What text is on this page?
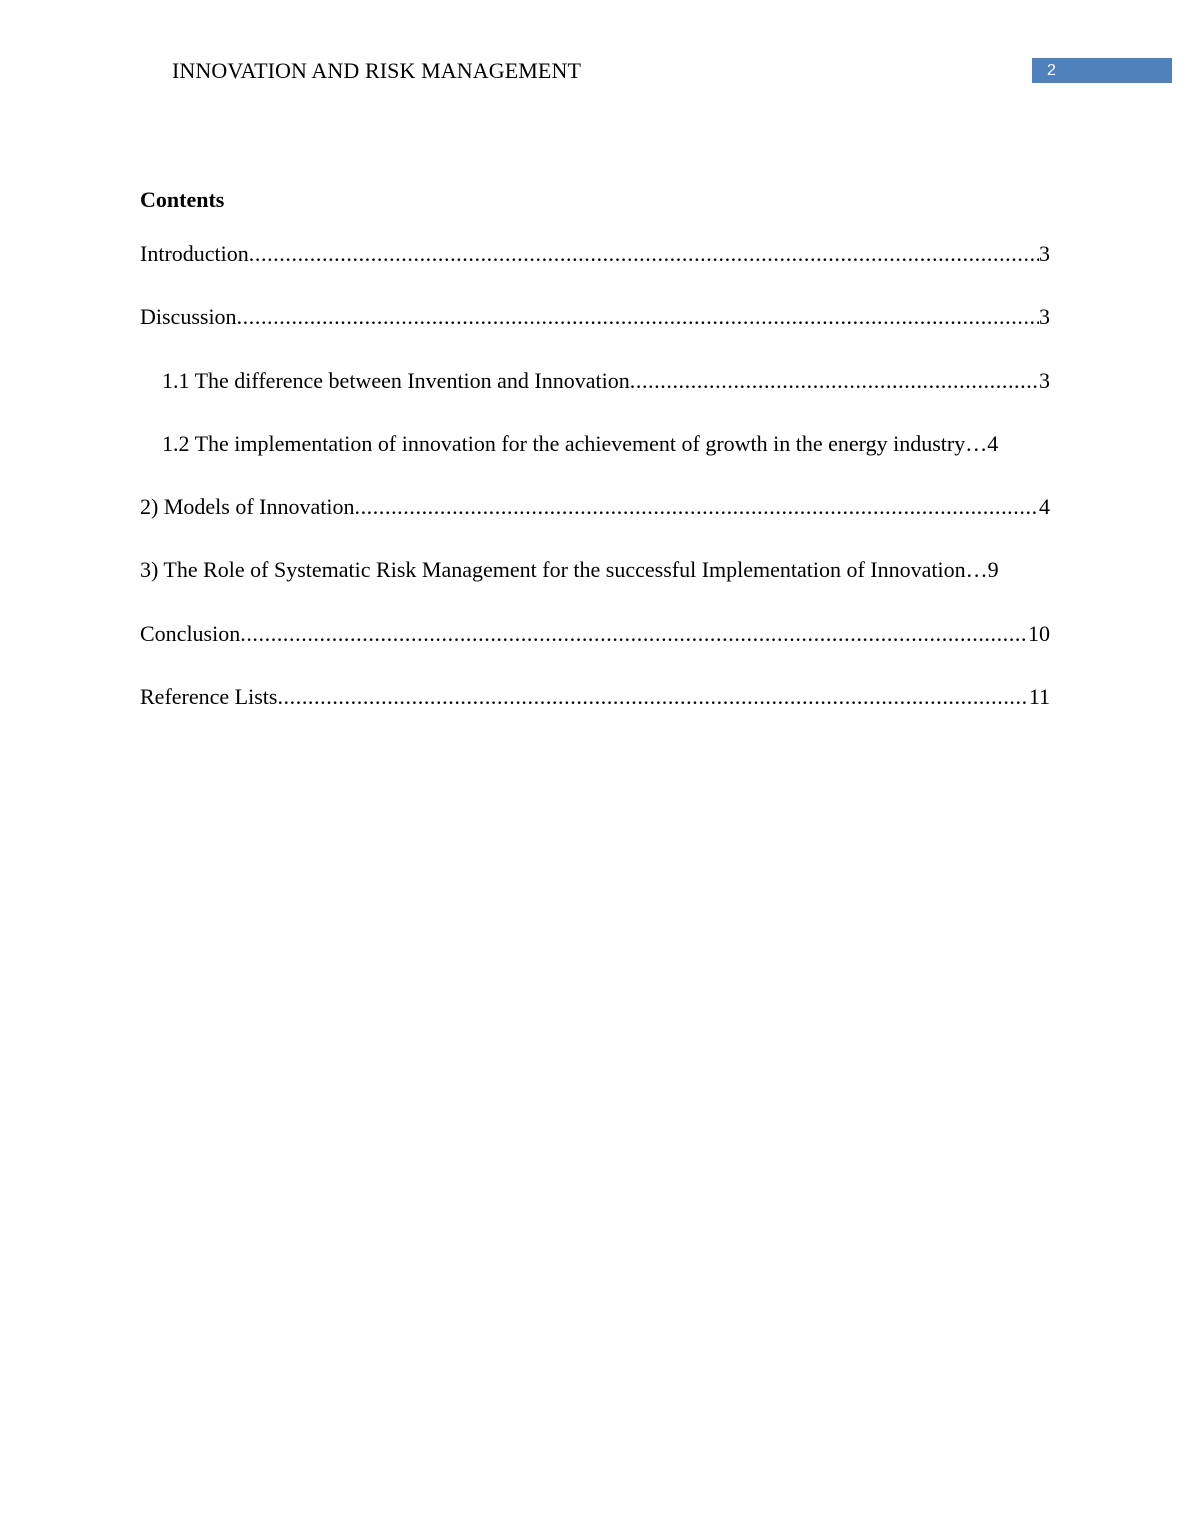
INNOVATION AND RISK MANAGEMENT	2
Contents
Introduction .....	3
Discussion .....	3
1.1 The difference between Invention and Innovation .....	3
1.2 The implementation of innovation for the achievement of growth in the energy industry … 4
2) Models of Innovation .....	4
3) The Role of Systematic Risk Management for the successful Implementation of Innovation … 9
Conclusion .....	10
Reference Lists .....	11
